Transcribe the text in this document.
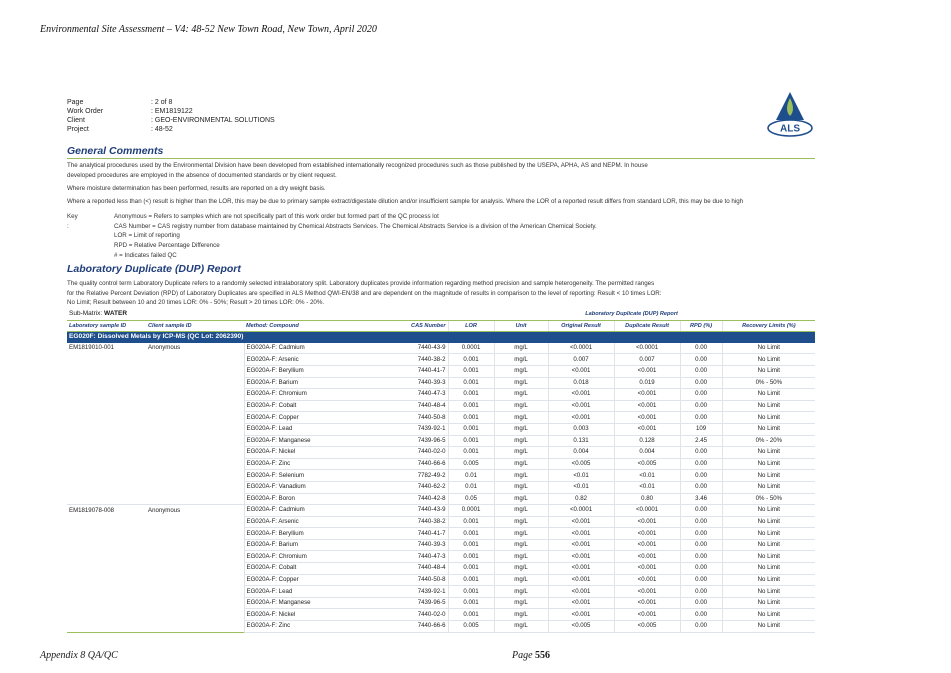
Environmental Site Assessment – V4: 48-52 New Town Road, New Town, April 2020
Page	: 2 of 8
Work Order	: EM1819122
Client	: GEO-ENVIRONMENTAL SOLUTIONS
Project	: 48-52	ALS
General Comments
The analytical procedures used by the Environmental Division have been developed from established internationally recognized procedures such as those published by the USEPA, APHA, AS and NEPM. In house
developed procedures are employed in the absence of documented standards or by client request.
Where moisture determination has been performed, results are reported on a dry weight basis.
Where a reported less than (<) result is higher than the LOR, this may be due to primary sample extract/digestate dilution and/or insufficient sample for analysis. Where the LOR of a reported result differs from standard LOR, this may be due to high
Key :
Anonymous = Refers to samples which are not specifically part of this work order but formed part of the QC process lot
CAS Number = CAS registry number from database maintained by Chemical Abstracts Services. The Chemical Abstracts Service is a division of the American Chemical Society.
LOR = Limit of reporting
RPD = Relative Percentage Difference
# = Indicates failed QC
Laboratory Duplicate (DUP) Report
The quality control term Laboratory Duplicate refers to a randomly selected intralaboratory split. Laboratory duplicates provide information regarding method precision and sample heterogeneity. The permitted ranges
for the Relative Percent Deviation (RPD) of Laboratory Duplicates are specified in ALS Method QWI-EN/38 and are dependent on the magnitude of results in comparison to the level of reporting: Result < 10 times LOR:
No Limit; Result between 10 and 20 times LOR: 0% - 50%; Result > 20 times LOR: 0% - 20%.
Sub-Matrix: WATER				Laboratory Duplicate (DUP) Report					
Laboratory sample ID	Client sample ID	Method: Compound	CAS Number	LOR	Unit	Original Result	Duplicate Result	RPD (%)	Recovery Limits (%)
EG020F: Dissolved Metals by ICP-MS (QC Lot: 2062390)									
EM1819010-001	Anonymous	EG020A-F: Cadmium	7440-43-9	0.0001	mg/L	<0.0001	<0.0001	0.00	No Limit
		EG020A-F: Arsenic	7440-38-2	0.001	mg/L	0.007	0.007	0.00	No Limit
		EG020A-F: Beryllium	7440-41-7	0.001	mg/L	<0.001	<0.001	0.00	No Limit
		EG020A-F: Barium	7440-39-3	0.001	mg/L	0.018	0.019	0.00	0% - 50%
		EG020A-F: Chromium	7440-47-3	0.001	mg/L	<0.001	<0.001	0.00	No Limit
		EG020A-F: Cobalt	7440-48-4	0.001	mg/L	<0.001	<0.001	0.00	No Limit
		EG020A-F: Copper	7440-50-8	0.001	mg/L	<0.001	<0.001	0.00	No Limit
		EG020A-F: Lead	7439-92-1	0.001	mg/L	0.003	<0.001	109	No Limit
		EG020A-F: Manganese	7439-96-5	0.001	mg/L	0.131	0.128	2.45	0% - 20%
		EG020A-F: Nickel	7440-02-0	0.001	mg/L	0.004	0.004	0.00	No Limit
		EG020A-F: Zinc	7440-66-6	0.005	mg/L	<0.005	<0.005	0.00	No Limit
		EG020A-F: Selenium	7782-49-2	0.01	mg/L	<0.01	<0.01	0.00	No Limit
		EG020A-F: Vanadium	7440-62-2	0.01	mg/L	<0.01	<0.01	0.00	No Limit
		EG020A-F: Boron	7440-42-8	0.05	mg/L	0.82	0.80	3.46	0% - 50%
EM1819078-008	Anonymous	EG020A-F: Cadmium	7440-43-9	0.0001	mg/L	<0.0001	<0.0001	0.00	No Limit
		EG020A-F: Arsenic	7440-38-2	0.001	mg/L	<0.001	<0.001	0.00	No Limit
		EG020A-F: Beryllium	7440-41-7	0.001	mg/L	<0.001	<0.001	0.00	No Limit
		EG020A-F: Barium	7440-39-3	0.001	mg/L	<0.001	<0.001	0.00	No Limit
		EG020A-F: Chromium	7440-47-3	0.001	mg/L	<0.001	<0.001	0.00	No Limit
		EG020A-F: Cobalt	7440-48-4	0.001	mg/L	<0.001	<0.001	0.00	No Limit
		EG020A-F: Copper	7440-50-8	0.001	mg/L	<0.001	<0.001	0.00	No Limit
		EG020A-F: Lead	7439-92-1	0.001	mg/L	<0.001	<0.001	0.00	No Limit
		EG020A-F: Manganese	7439-96-5	0.001	mg/L	<0.001	<0.001	0.00	No Limit
		EG020A-F: Nickel	7440-02-0	0.001	mg/L	<0.001	<0.001	0.00	No Limit
		EG020A-F: Zinc	7440-66-6	0.005	mg/L	<0.005	<0.005	0.00	No Limit

Appendix 8 QA/QC	Page 556
